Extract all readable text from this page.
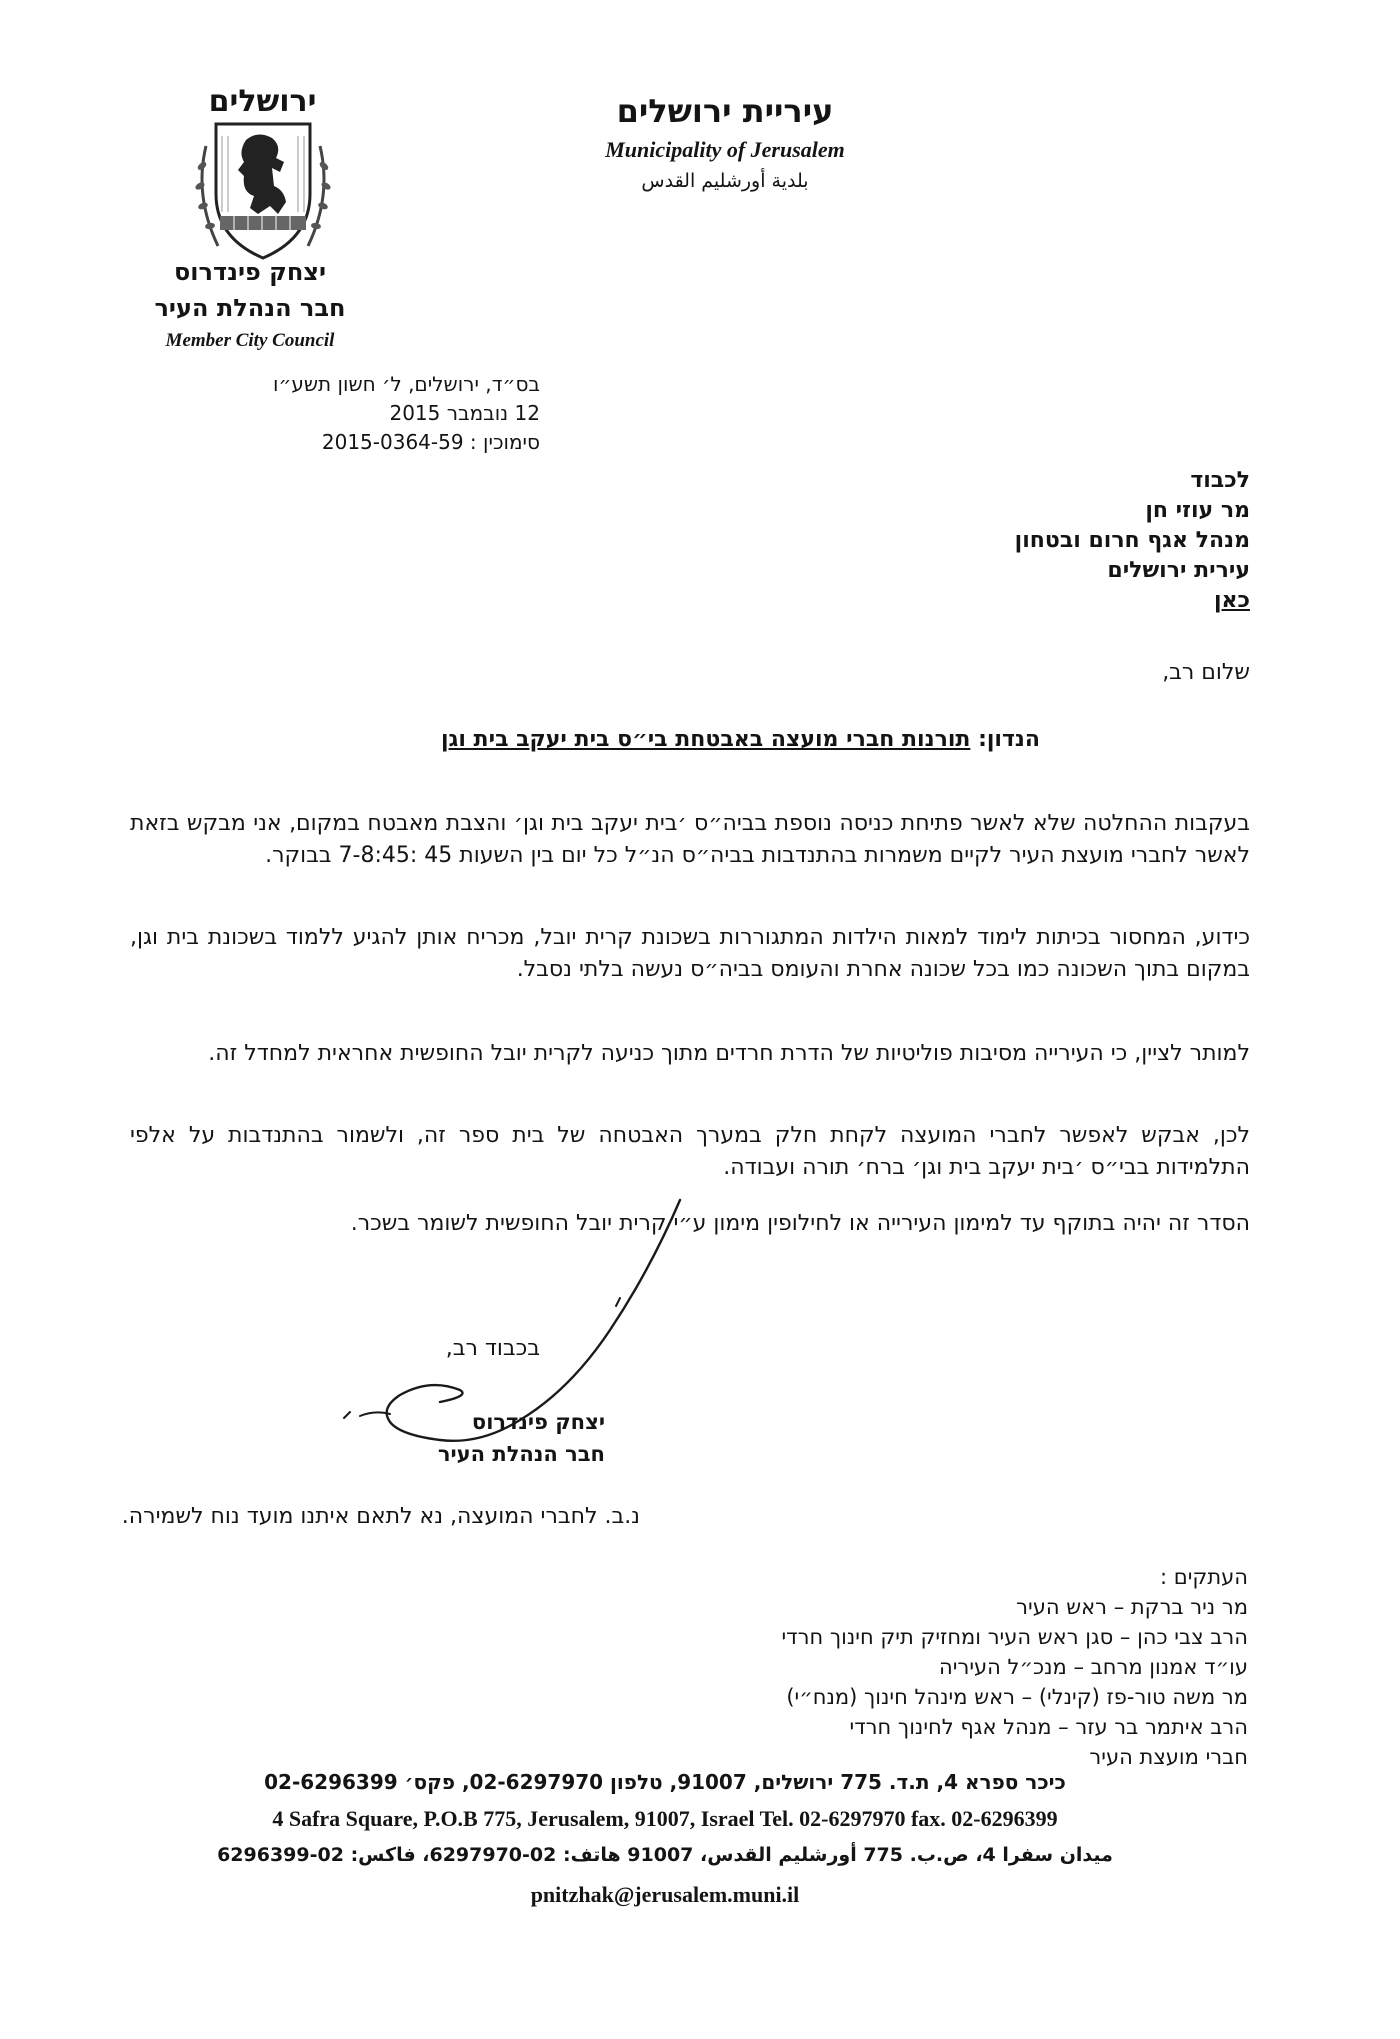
ירושלים
יצחק פינדרוס
חבר הנהלת העיר
Member City Council
עיריית ירושלים
Municipality of Jerusalem
بلدية أورشليم القدس
בס״ד, ירושלים, ל׳ חשון תשע״ו
12 נובמבר 2015
סימוכין : 2015-0364-59
לכבוד
מר עוזי חן
מנהל אגף חרום ובטחון
עירית ירושלים
כאן
שלום רב,
הנדון: תורנות חברי מועצה באבטחת בי״ס בית יעקב בית וגן
בעקבות ההחלטה שלא לאשר פתיחת כניסה נוספת בביה״ס ׳בית יעקב בית וגן׳ והצבת מאבטח במקום, אני מבקש בזאת לאשר לחברי מועצת העיר לקיים משמרות בהתנדבות בביה״ס הנ״ל כל יום בין השעות 45 :7-8:45 בבוקר.
כידוע, המחסור בכיתות לימוד למאות הילדות המתגוררות בשכונת קרית יובל, מכריח אותן להגיע ללמוד בשכונת בית וגן, במקום בתוך השכונה כמו בכל שכונה אחרת והעומס בביה״ס נעשה בלתי נסבל.
למותר לציין, כי העירייה מסיבות פוליטיות של הדרת חרדים מתוך כניעה לקרית יובל החופשית אחראית למחדל זה.
לכן, אבקש לאפשר לחברי המועצה לקחת חלק במערך האבטחה של בית ספר זה, ולשמור בהתנדבות על אלפי התלמידות בבי״ס ׳בית יעקב בית וגן׳ ברח׳ תורה ועבודה.
הסדר זה יהיה בתוקף עד למימון העירייה או לחילופין מימון ע״י קרית יובל החופשית לשומר בשכר.
בכבוד רב,
יצחק פינדרוס
חבר הנהלת העיר
נ.ב. לחברי המועצה, נא לתאם איתנו מועד נוח לשמירה.
העתקים :
מר ניר ברקת – ראש העיר
הרב צבי כהן – סגן ראש העיר ומחזיק תיק חינוך חרדי
עו״ד אמנון מרחב – מנכ״ל העיריה
מר משה טור-פז (קינלי) – ראש מינהל חינוך (מנח״י)
הרב איתמר בר עזר – מנהל אגף לחינוך חרדי
חברי מועצת העיר
כיכר ספרא 4, ת.ד. 775 ירושלים, 91007, טלפון 02-6297970, פקס׳ 02-6296399
4 Safra Square, P.O.B 775, Jerusalem, 91007, Israel Tel. 02-6297970 fax. 02-6296399
ميدان سفرا 4، ص.ب. 775 أورشليم القدس، 91007 هاتف: 02-6297970، فاكس: 02-6296399
pnitzhak@jerusalem.muni.il
